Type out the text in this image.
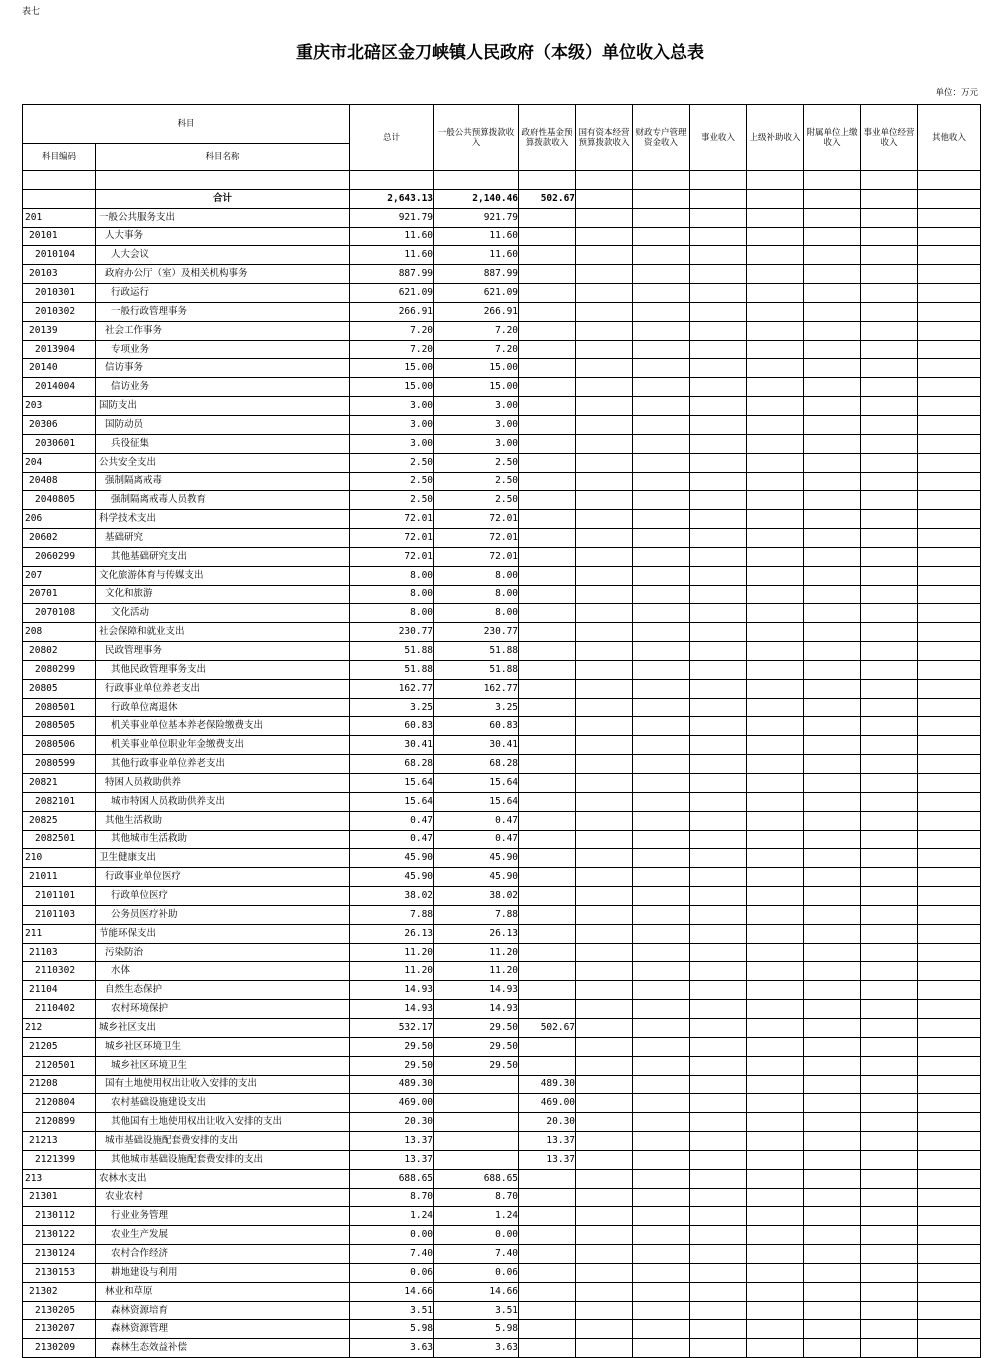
表七
重庆市北碚区金刀峡镇人民政府（本级）单位收入总表
单位：万元
科目		总计	一般公共预算拨款收入	政府性基金预算拨款收入	国有资本经营预算拨款收入	财政专户管理资金收入	事业收入	上级补助收入	附属单位上缴收入	事业单位经营收入	其他收入
科目编码	科目名称										

	合计	2,643.13	2,140.46	502.67							
201	一般公共服务支出	921.79	921.79								
20101	人大事务	11.60	11.60								
2010104	人大会议	11.60	11.60								
20103	政府办公厅（室）及相关机构事务	887.99	887.99								
2010301	行政运行	621.09	621.09								
2010302	一般行政管理事务	266.91	266.91								
20139	社会工作事务	7.20	7.20								
2013904	专项业务	7.20	7.20								
20140	信访事务	15.00	15.00								
2014004	信访业务	15.00	15.00								
203	国防支出	3.00	3.00								
20306	国防动员	3.00	3.00								
2030601	兵役征集	3.00	3.00								
204	公共安全支出	2.50	2.50								
20408	强制隔离戒毒	2.50	2.50								
2040805	强制隔离戒毒人员教育	2.50	2.50								
206	科学技术支出	72.01	72.01								
20602	基础研究	72.01	72.01								
2060299	其他基础研究支出	72.01	72.01								
207	文化旅游体育与传媒支出	8.00	8.00								
20701	文化和旅游	8.00	8.00								
2070108	文化活动	8.00	8.00								
208	社会保障和就业支出	230.77	230.77								
20802	民政管理事务	51.88	51.88								
2080299	其他民政管理事务支出	51.88	51.88								
20805	行政事业单位养老支出	162.77	162.77								
2080501	行政单位离退休	3.25	3.25								
2080505	机关事业单位基本养老保险缴费支出	60.83	60.83								
2080506	机关事业单位职业年金缴费支出	30.41	30.41								
2080599	其他行政事业单位养老支出	68.28	68.28								
20821	特困人员救助供养	15.64	15.64								
2082101	城市特困人员救助供养支出	15.64	15.64								
20825	其他生活救助	0.47	0.47								
2082501	其他城市生活救助	0.47	0.47								
210	卫生健康支出	45.90	45.90								
21011	行政事业单位医疗	45.90	45.90								
2101101	行政单位医疗	38.02	38.02								
2101103	公务员医疗补助	7.88	7.88								
211	节能环保支出	26.13	26.13								
21103	污染防治	11.20	11.20								
2110302	水体	11.20	11.20								
21104	自然生态保护	14.93	14.93								
2110402	农村环境保护	14.93	14.93								
212	城乡社区支出	532.17	29.50	502.67							
21205	城乡社区环境卫生	29.50	29.50								
2120501	城乡社区环境卫生	29.50	29.50								
21208	国有土地使用权出让收入安排的支出	489.30		489.30							
2120804	农村基础设施建设支出	469.00		469.00							
2120899	其他国有土地使用权出让收入安排的支出	20.30		20.30							
21213	城市基础设施配套费安排的支出	13.37		13.37							
2121399	其他城市基础设施配套费安排的支出	13.37		13.37							
213	农林水支出	688.65	688.65								
21301	农业农村	8.70	8.70								
2130112	行业业务管理	1.24	1.24								
2130122	农业生产发展	0.00	0.00								
2130124	农村合作经济	7.40	7.40								
2130153	耕地建设与利用	0.06	0.06								
21302	林业和草原	14.66	14.66								
2130205	森林资源培育	3.51	3.51								
2130207	森林资源管理	5.98	5.98								
2130209	森林生态效益补偿	3.63	3.63								
